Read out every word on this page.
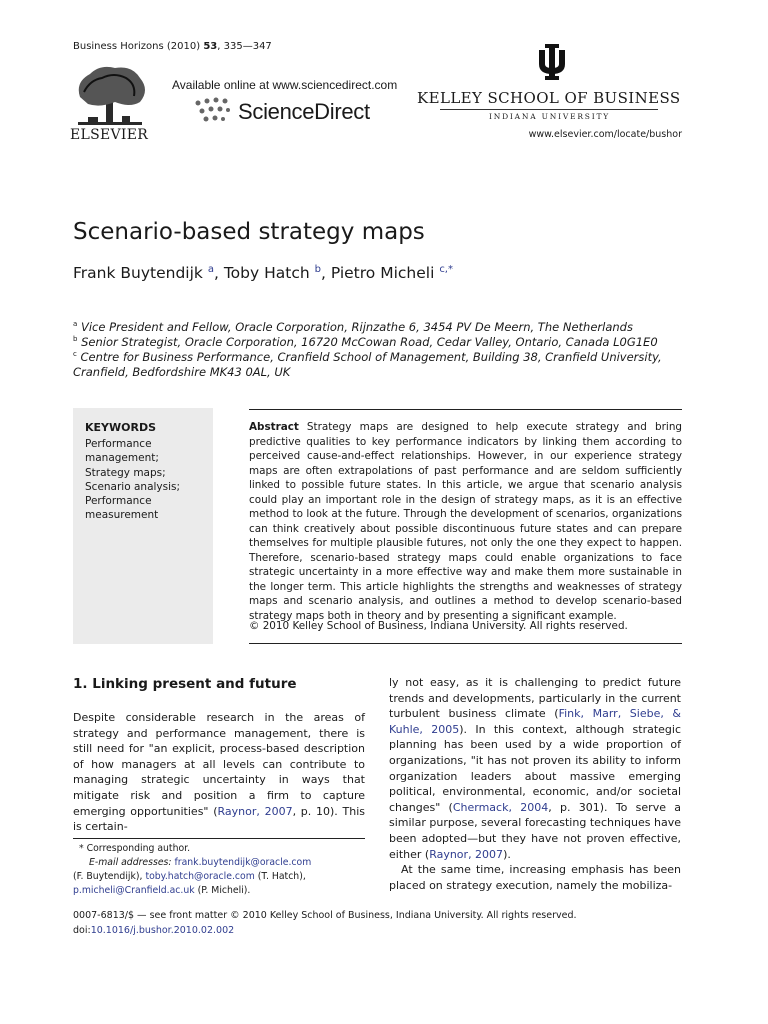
Business Horizons (2010) 53, 335—347
ELSEVIER
Available online at www.sciencedirect.com
ScienceDirect
KELLEY SCHOOL OF BUSINESS
INDIANA UNIVERSITY
www.elsevier.com/locate/bushor
Scenario-based strategy maps
Frank Buytendijk $^a$, Toby Hatch $^b$, Pietro Micheli $^{c,*}$
$^a$ Vice President and Fellow, Oracle Corporation, Rijnzathe 6, 3454 PV De Meern, The Netherlands
$^b$ Senior Strategist, Oracle Corporation, 16720 McCowan Road, Cedar Valley, Ontario, Canada L0G1E0
$^c$ Centre for Business Performance, Cranfield School of Management, Building 38, Cranfield University, Cranfield, Bedfordshire MK43 0AL, UK
KEYWORDS
Performance management;
Strategy maps;
Scenario analysis;
Performance measurement
Abstract Strategy maps are designed to help execute strategy and bring predictive qualities to key performance indicators by linking them according to perceived cause-and-effect relationships. However, in our experience strategy maps are often extrapolations of past performance and are seldom sufficiently linked to possible future states. In this article, we argue that scenario analysis could play an important role in the design of strategy maps, as it is an effective method to look at the future. Through the development of scenarios, organizations can think creatively about possible discontinuous future states and can prepare themselves for multiple plausible futures, not only the one they expect to happen. Therefore, scenario-based strategy maps could enable organizations to face strategic uncertainty in a more effective way and make them more sustainable in the longer term. This article highlights the strengths and weaknesses of strategy maps and scenario analysis, and outlines a method to develop scenario-based strategy maps both in theory and by presenting a significant example.
© 2010 Kelley School of Business, Indiana University. All rights reserved.
1. Linking present and future
Despite considerable research in the areas of strategy and performance management, there is still need for "an explicit, process-based description of how managers at all levels can contribute to managing strategic uncertainty in ways that mitigate risk and position a firm to capture emerging opportunities" (Raynor, 2007, p. 10). This is certain-

ly not easy, as it is challenging to predict future trends and developments, particularly in the current turbulent business climate (Fink, Marr, Siebe, & Kuhle, 2005). In this context, although strategic planning has been used by a wide proportion of organizations, "it has not proven its ability to inform organization leaders about massive emerging political, environmental, economic, and/or societal changes" (Chermack, 2004, p. 301). To serve a similar purpose, several forecasting techniques have been adopted—but they have not proven effective, either (Raynor, 2007).

At the same time, increasing emphasis has been placed on strategy execution, namely the mobiliza-

* Corresponding author.
E-mail addresses: frank.buytendijk@oracle.com
(F. Buytendijk), toby.hatch@oracle.com (T. Hatch),
p.micheli@Cranfield.ac.uk (P. Micheli).
0007-6813/$ — see front matter © 2010 Kelley School of Business, Indiana University. All rights reserved.
doi:10.1016/j.bushor.2010.02.002
